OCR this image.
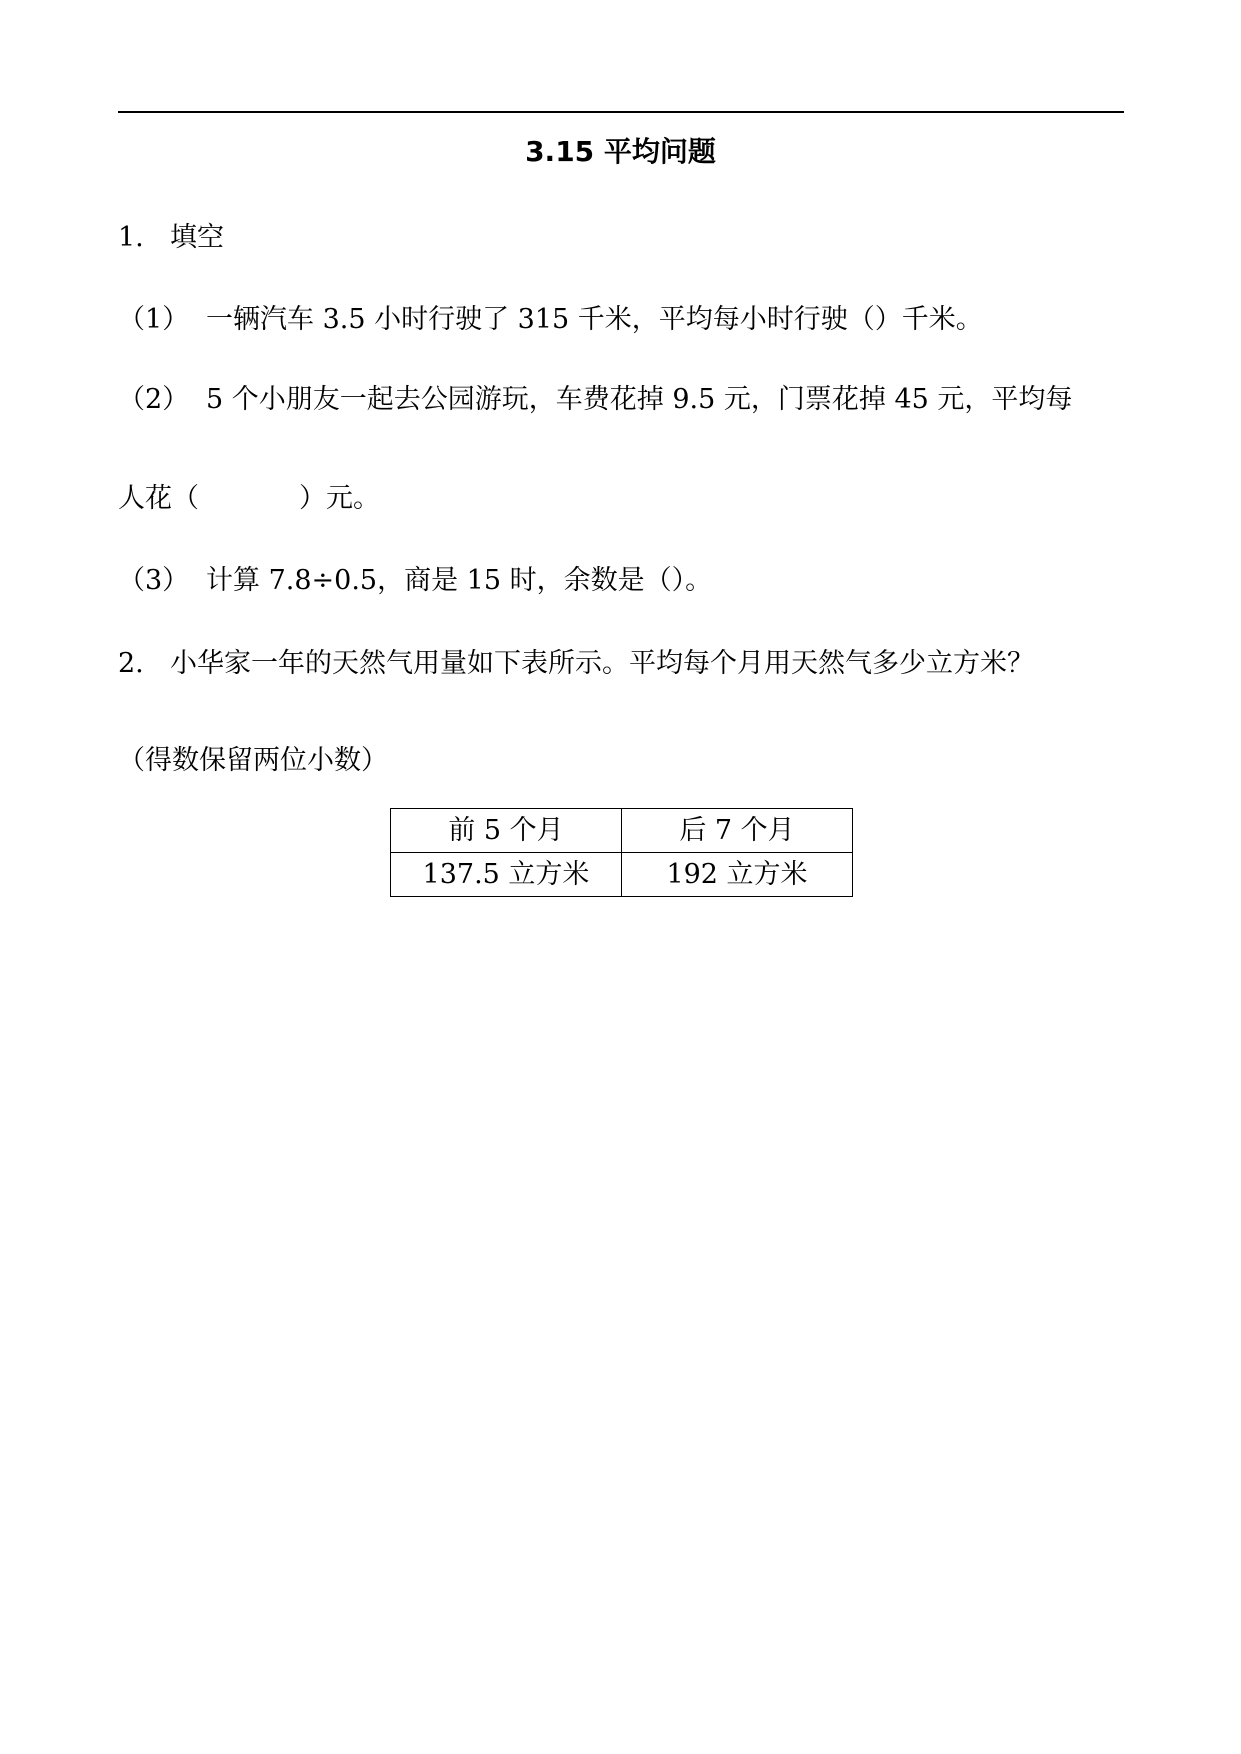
3.15 平均问题
1. 填空
（1） 一辆汽车 3.5 小时行驶了 315 千米，平均每小时行驶（）千米。
（2） 5 个小朋友一起去公园游玩，车费花掉 9.5 元，门票花掉 45 元，平均每
人花（	）元。
（3） 计算 7.8÷0.5，商是 15 时，余数是（）。
2. 小华家一年的天然气用量如下表所示。平均每个月用天然气多少立方米？
（得数保留两位小数）
前 5 个月	后 7 个月
137.5 立方米	192 立方米
